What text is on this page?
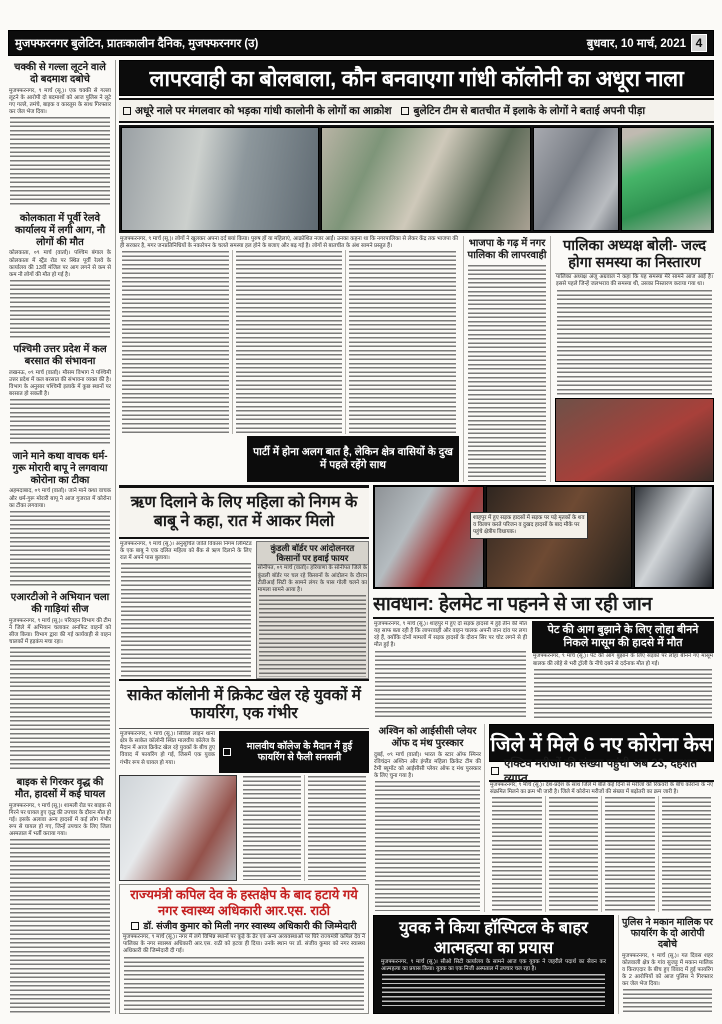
मुजफ्फरनगर बुलेटिन, प्रातःकालीन दैनिक, मुजफ्फरनगर (उ)	बुधवार, 10 मार्च, 2021 4
चक्की से गल्ला लूटने वाले दो बदमाश दबोचे
मुजफ्फरनगर, ९ मार्च (सू.)। एक चक्की से गल्ला लूटने के आरोपी दो बदमाशों को आज पुलिस ने लूटे गए गल्ले, तमंचे, बाइक व कारतूस के साथ गिरफ्तार कर जेल भेज दिया।
कोलकाता में पूर्वी रेलवे कार्यालय में लगी आग, नौ लोगों की मौत
कोलकाता, ०९ मार्च (वार्ता)। पश्चिम बंगाल के कोलकाता में स्ट्रैंड रोड पर स्थित पूर्वी रेलवे के कार्यालय की 13वीं मंजिल पर आग लगने से कम से कम नौ लोगों की मौत हो गई है।
पश्चिमी उत्तर प्रदेश में कल बरसात की संभावना
लखनऊ, ०९ मार्च (वार्ता)। मौसम विभाग ने पश्चिमी उत्तर प्रदेश में कल बरसात की संभावना व्यक्त की है। विभाग के अनुसार पश्चिमी इलाके में कुछ स्थानों पर बरसात हो सकती है।
जाने माने कथा वाचक धर्म-गुरू मोरारी बापू ने लगवाया कोरोना का टीका
अहमदाबाद, ०९ मार्च (वार्ता)। जाने माने कथा वाचक और धर्म-गुरू मोरारी बापू ने आज गुजरात में कोरोना का टीका लगवाया।
एआरटीओ ने अभियान चला की गाड़ियां सीज
मुजफ्फरनगर, ९ मार्च (सू.)। परिवहन विभाग की टीम ने जिले में अभियान चलाकर अनफिट वाहनों को सीज किया। विभाग द्वारा की गई कार्यवाही से वाहन चालकों में हड़कंप मचा रहा।
बाइक से गिरकर वृद्ध की मौत, हादसों में कई घायल
मुजफ्फरनगर, ९ मार्च (सू.)। शामली रोड पर बाइक से गिरने पर घायल हुए वृद्ध की उपचार के दौरान मौत हो गई। इसके अलावा अन्य हादसों में कई लोग गंभीर रूप से घायल हो गए, जिन्हें उपचार के लिए जिला अस्पताल में भर्ती कराया गया।
लापरवाही का बोलबाला, कौन बनवाएगा गांधी कॉलोनी का अधूरा नाला
अधूरे नाले पर मंगलवार को भड़का गांधी कालोनी के लोगों का आक्रोश बुलेटिन टीम से बातचीत में इलाके के लोगों ने बताई अपनी पीड़ा
मुजफ्फरनगर, ९ मार्च (सू.)। लोगों ने खुलकर अपना दर्द बयां किया। पुरुष हों या महिलाएं, आक्रोशित नजर आईं। उनका कहना था कि नगरपालिका से लेकर केंद्र तक भाजपा की ही सरकार है, मगर जनप्रतिनिधियों के नकारेपन के चलते समस्या हल होने के बजाए और बढ़ गई है। लोगों से बातचीत के अंश सामने प्रस्तुत हैं।
पार्टी में होना अलग बात है, लेकिन क्षेत्र वासियों के दुख में पहले रहेंगे साथ
भाजपा के गढ़ में नगर पालिका की लापरवाही
पालिका अध्यक्ष बोली- जल्द होगा समस्या का निस्तारण
पालिका अध्यक्ष अंजू अग्रवाल ने कहा कि यह समस्या मेरे सामने आज आई है। इससे पहले जिन्हें जलभराव की समस्या थी, उसका निस्तारण कराया गया था।
ऋण दिलाने के लिए महिला को निगम के बाबू ने कहा, रात में आकर मिलो
मुजफ्फरनगर, ९ मार्च (सू.)। अनुसूचित जाति विकास निगम लिमिटेड के एक बाबू ने एक दलित महिला को बैंक से ऋण दिलाने के लिए रात में अपने पास बुलाया।
कुंडली बॉर्डर पर आंदोलनरत किसानों पर हवाई फायर
सोनीपत, ०९ मार्च (वार्ता)। हरियाणा के सोनीपत जिले के कुंडली बॉर्डर पर चल रहे किसानों के आंदोलन के दौरान टीडीआई सिटी के सामने लंगर के पास गोली चलने का मामला सामने आया है।
साकेत कॉलोनी में क्रिकेट खेल रहे युवकों में फायरिंग, एक गंभीर
मुजफ्फरनगर, ९ मार्च (सू.)। सिविल लाइन थाना क्षेत्र के साकेत कॉलोनी स्थित मालवीय कॉलेज के मैदान में आज क्रिकेट खेल रहे युवकों के बीच हुए विवाद में फायरिंग हो गई, जिसमें एक युवक गंभीर रूप से घायल हो गया।
मालवीय कॉलेज के मैदान में हुई फायरिंग से फैली सनसनी
राज्यमंत्री कपिल देव के हस्तक्षेप के बाद हटाये गये नगर स्वास्थ्य अधिकारी आर.एस. राठी
डॉ. संजीव कुमार को मिली नगर स्वास्थ्य अधिकारी की जिम्मेदारी
मुजफ्फरनगर, ९ मार्च (सू.)। नगर में लगे विभिन्न स्थानों पर कूड़े के ढेर एवं अन्य अव्यवस्थाओं पर घिरे राज्यमंत्री कपिल देव ने पालिका के नगर स्वास्थ्य अधिकारी आर.एस. राठी को हटवा ही दिया। उनके स्थान पर डॉ. संजीव कुमार को नगर स्वास्थ्य अधिकारी की जिम्मेदारी दी गई।
शाहपुर में हुए सड़क हादसों में सड़क पर पड़े मृतकों के शव व विलाप करते परिजन व दुखद हादसों के बाद मौके पर पहुंचे क्षेत्रीय विधायक।
सावधान: हेलमेट ना पहनने से जा रही जान
मुजफ्फरनगर, ९ मार्च (सू.)। शाहपुर में हुए दो सड़क हादसों में हुई तीन की मौत यह साफ बता रही है कि लापरवाही और वाहन चालक अपनी जान दांव पर लगा रहे हैं, क्योंकि दोनों मामलों में सड़क हादसों के दौरान सिर पर चोट लगने से ही मौत हुई है।
पेट की आग बुझाने के लिए लोहा बीनने निकले मासूम की हादसे में मौत
मुजफ्फरनगर, ९ मार्च (सू.)। पेट की आग बुझाने के लिए सड़कों पर लोहा बीनने गए मासूम बालक की लोहे से भरी ट्रॉली के नीचे दबने से दर्दनाक मौत हो गई।
अश्विन को आईसीसी प्लेयर ऑफ द मंथ पुरस्कार
दुबई, ०९ मार्च (वार्ता)। भारत के स्टार ऑफ स्पिनर रविचंद्रन अश्विन और इंग्लैंड महिला क्रिकेट टीम की टैमी ब्यूमोंट को आईसीसी प्लेयर ऑफ द मंथ पुरस्कार के लिए चुना गया है।
जिले में मिले 6 नए कोरोना केस
एक्टिव मरीजों की संख्या पहुंची अब 23, दहशत व्याप्त
मुजफ्फरनगर, ९ मार्च (सू.)। देश-प्रदेश के साथ जिले में बीते कई दिनों से मरीजों की रिकवरी के बीच कोरोना के नए संक्रमित मिलने का क्रम भी जारी है। जिले में कोरोना मरीजों की संख्या में बढ़ोतरी का क्रम जारी है।
युवक ने किया हॉस्पिटल के बाहर आत्महत्या का प्रयास
मुजफ्फरनगर, ९ मार्च (सू.)। सीओ सिटी कार्यालय के सामने आज एक युवक ने जहरीले पदार्थ का सेवन कर आत्महत्या का प्रयास किया। युवक का एक निजी अस्पताल में उपचार चल रहा है।
पुलिस ने मकान मालिक पर फायरिंग के दो आरोपी दबोचे
मुजफ्फरनगर, ९ मार्च (सू.)। गत दिवस शहर कोतवाली क्षेत्र के गांव सुजड़ू में मकान मालिक व किराएदार के बीच हुए विवाद में हुई फायरिंग के 2 आरोपियों को आज पुलिस ने गिरफ्तार कर जेल भेज दिया।
